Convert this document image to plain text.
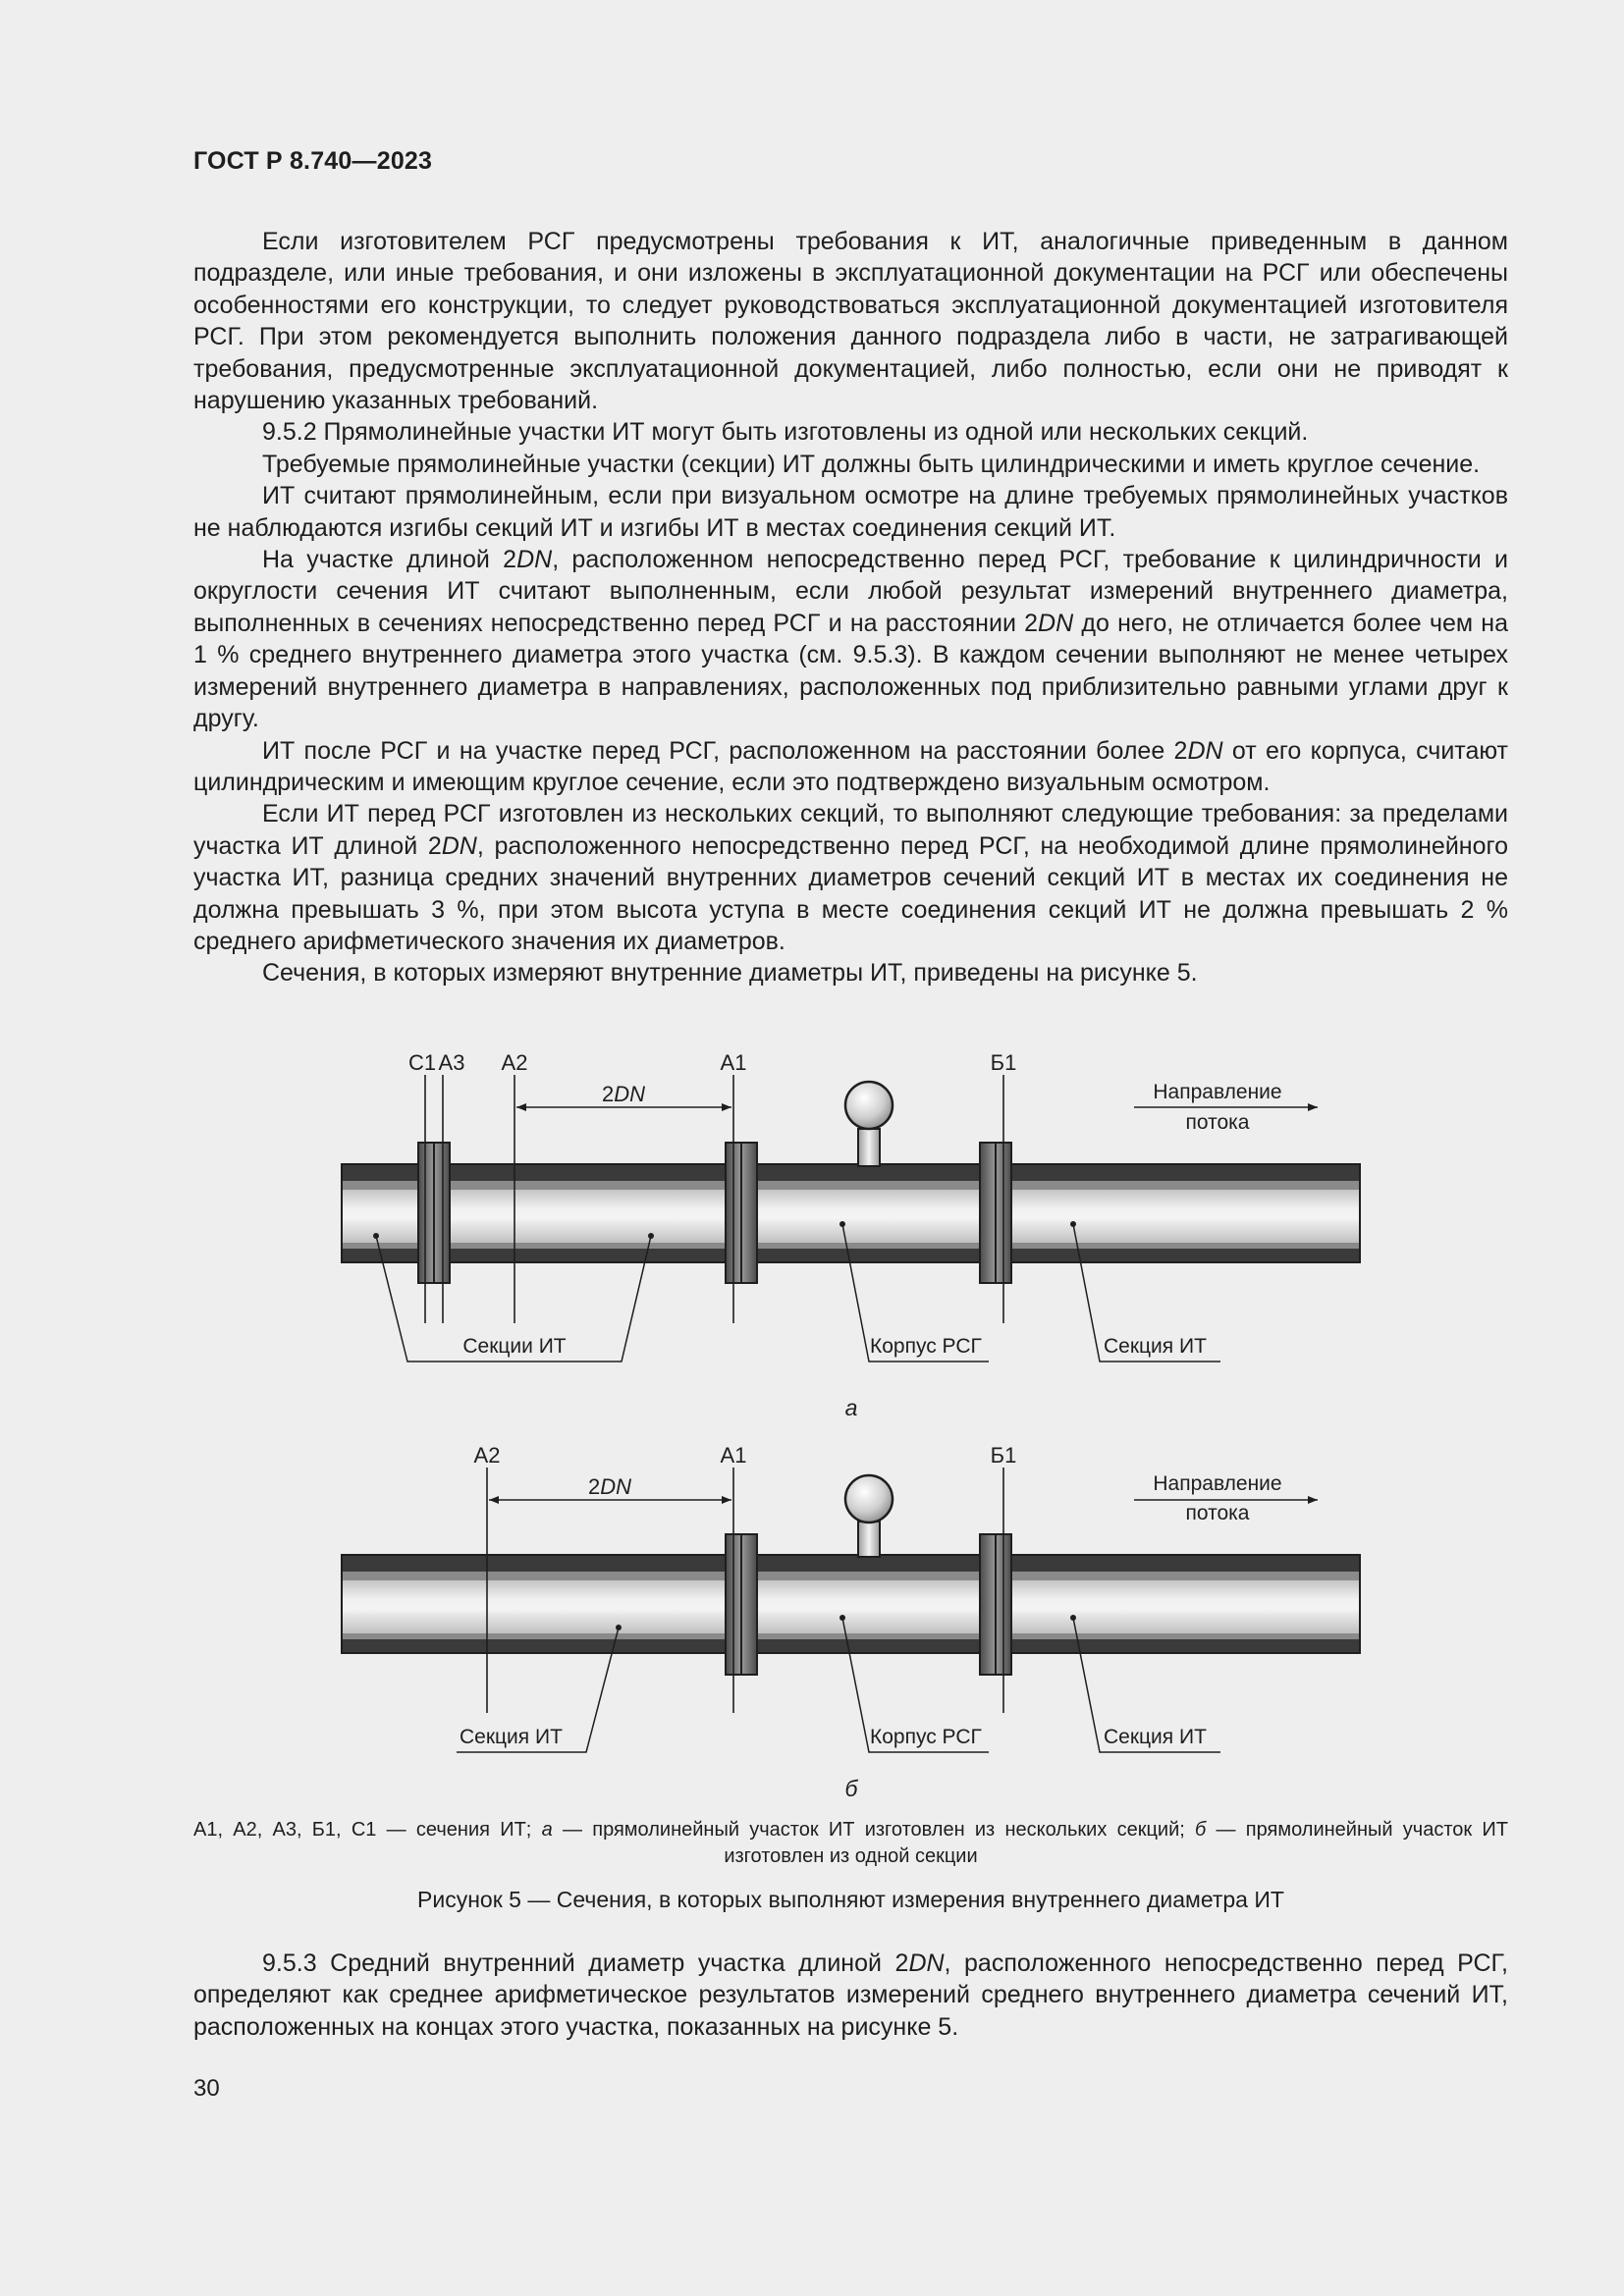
ГОСТ Р 8.740—2023

Если изготовителем РСГ предусмотрены требования к ИТ, аналогичные приведенным в данном подразделе, или иные требования, и они изложены в эксплуатационной документации на РСГ или обеспечены особенностями его конструкции, то следует руководствоваться эксплуатационной документацией изготовителя РСГ. При этом рекомендуется выполнить положения данного подраздела либо в части, не затрагивающей требования, предусмотренные эксплуатационной документацией, либо полностью, если они не приводят к нарушению указанных требований.

9.5.2 Прямолинейные участки ИТ могут быть изготовлены из одной или нескольких секций.

Требуемые прямолинейные участки (секции) ИТ должны быть цилиндрическими и иметь круглое сечение.

ИТ считают прямолинейным, если при визуальном осмотре на длине требуемых прямолинейных участков не наблюдаются изгибы секций ИТ и изгибы ИТ в местах соединения секций ИТ.

На участке длиной 2DN, расположенном непосредственно перед РСГ, требование к цилиндричности и округлости сечения ИТ считают выполненным, если любой результат измерений внутреннего диаметра, выполненных в сечениях непосредственно перед РСГ и на расстоянии 2DN до него, не отличается более чем на 1 % среднего внутреннего диаметра этого участка (см. 9.5.3). В каждом сечении выполняют не менее четырех измерений внутреннего диаметра в направлениях, расположенных под приблизительно равными углами друг к другу.

ИТ после РСГ и на участке перед РСГ, расположенном на расстоянии более 2DN от его корпуса, считают цилиндрическим и имеющим круглое сечение, если это подтверждено визуальным осмотром.

Если ИТ перед РСГ изготовлен из нескольких секций, то выполняют следующие требования: за пределами участка ИТ длиной 2DN, расположенного непосредственно перед РСГ, на необходимой длине прямолинейного участка ИТ, разница средних значений внутренних диаметров сечений секций ИТ в местах их соединения не должна превышать 3 %, при этом высота уступа в месте соединения секций ИТ не должна превышать 2 % среднего арифметического значения их диаметров.

Сечения, в которых измеряют внутренние диаметры ИТ, приведены на рисунке 5.

С1 А3 А2	А1	Б1
2DN	Направление
потока
Секции ИТ	Корпус РСГ	Секция ИТ
а
А2	А1	Б1
2DN	Направление
потока
Секция ИТ	Корпус РСГ	Секция ИТ
б
А1, А2, А3, Б1, С1 — сечения ИТ; а — прямолинейный участок ИТ изготовлен из нескольких секций; б — прямолинейный участок ИТ изготовлен из одной секции
Рисунок 5 — Сечения, в которых выполняют измерения внутреннего диаметра ИТ

9.5.3 Средний внутренний диаметр участка длиной 2DN, расположенного непосредственно перед РСГ, определяют как среднее арифметическое результатов измерений среднего внутреннего диаметра сечений ИТ, расположенных на концах этого участка, показанных на рисунке 5.

30
